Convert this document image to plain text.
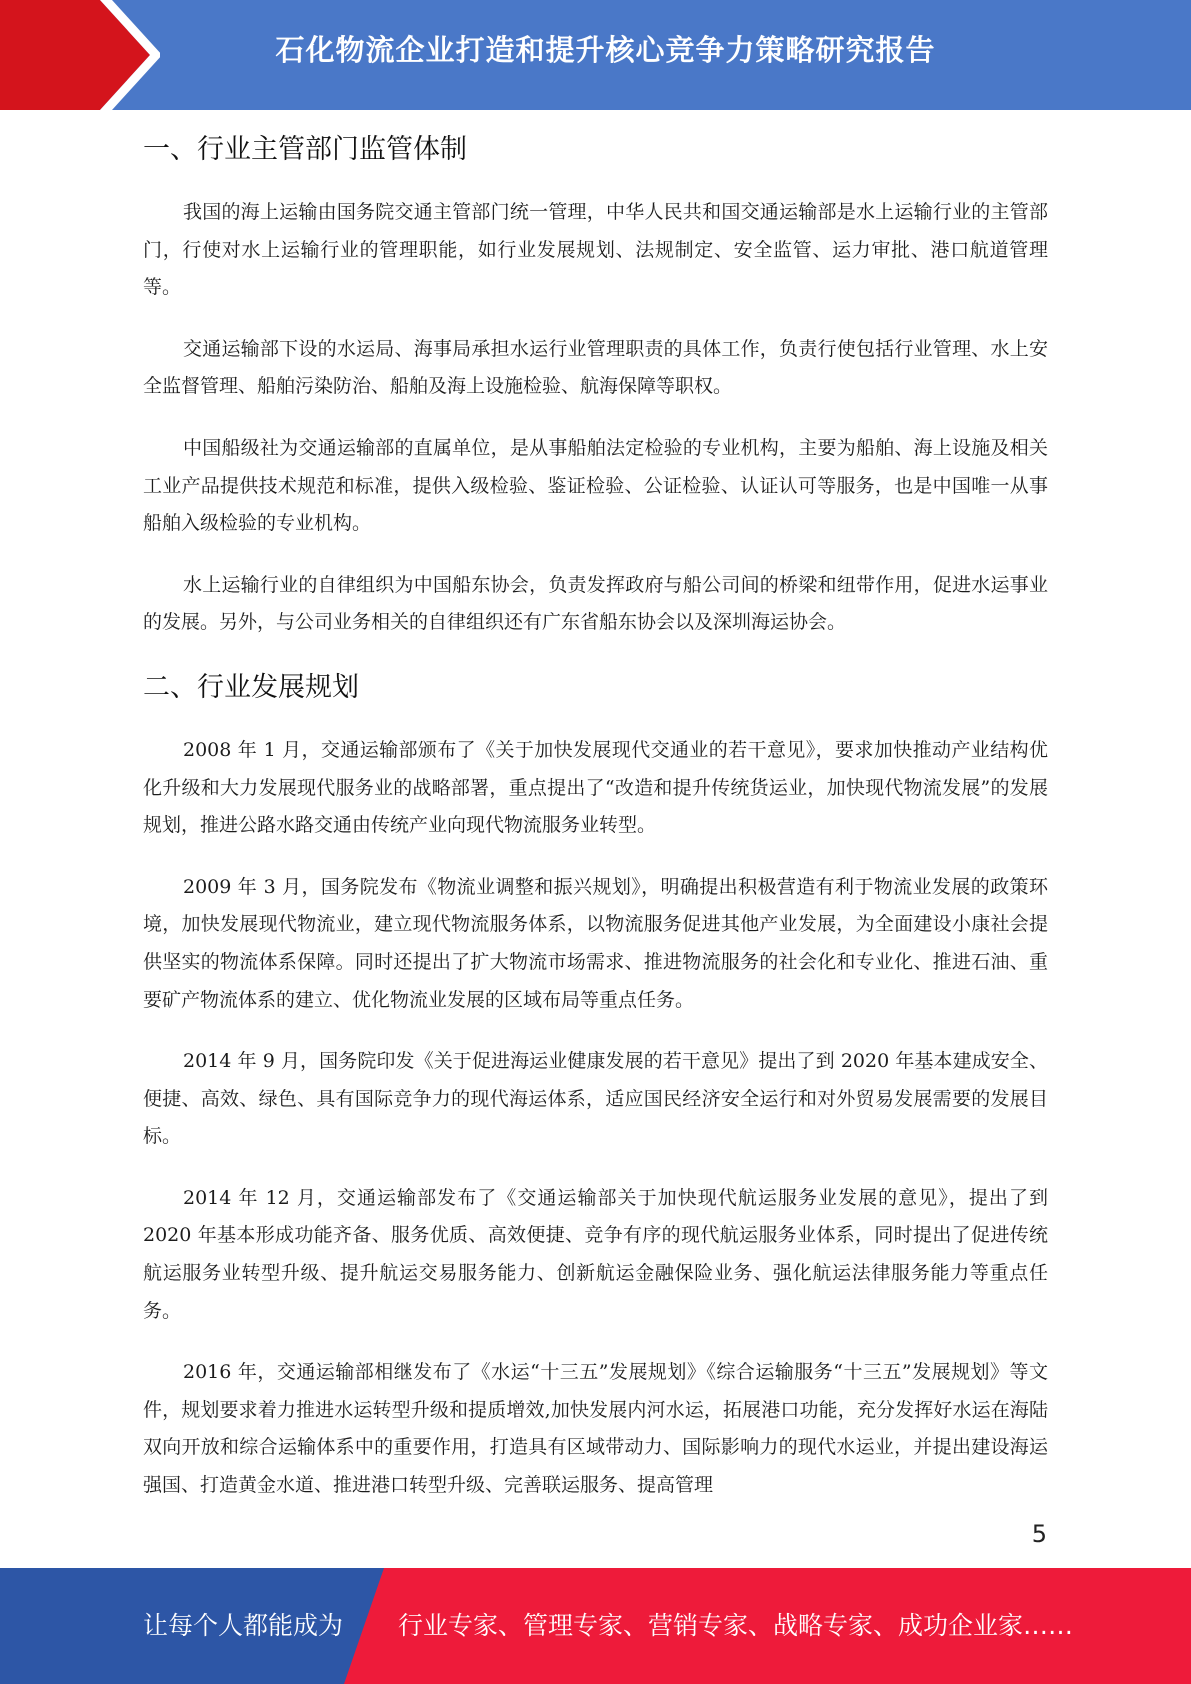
石化物流企业打造和提升核心竞争力策略研究报告
一、行业主管部门监管体制

我国的海上运输由国务院交通主管部门统一管理，中华人民共和国交通运输部是水上运输行业的主管部门，行使对水上运输行业的管理职能，如行业发展规划、法规制定、安全监管、运力审批、港口航道管理等。

交通运输部下设的水运局、海事局承担水运行业管理职责的具体工作，负责行使包括行业管理、水上安全监督管理、船舶污染防治、船舶及海上设施检验、航海保障等职权。

中国船级社为交通运输部的直属单位，是从事船舶法定检验的专业机构，主要为船舶、海上设施及相关工业产品提供技术规范和标准，提供入级检验、鉴证检验、公证检验、认证认可等服务，也是中国唯一从事船舶入级检验的专业机构。

水上运输行业的自律组织为中国船东协会，负责发挥政府与船公司间的桥梁和纽带作用，促进水运事业的发展。另外，与公司业务相关的自律组织还有广东省船东协会以及深圳海运协会。

二、行业发展规划

2008 年 1 月，交通运输部颁布了《关于加快发展现代交通业的若干意见》，要求加快推动产业结构优化升级和大力发展现代服务业的战略部署，重点提出了“改造和提升传统货运业，加快现代物流发展”的发展规划，推进公路水路交通由传统产业向现代物流服务业转型。

2009 年 3 月，国务院发布《物流业调整和振兴规划》，明确提出积极营造有利于物流业发展的政策环境，加快发展现代物流业，建立现代物流服务体系，以物流服务促进其他产业发展，为全面建设小康社会提供坚实的物流体系保障。同时还提出了扩大物流市场需求、推进物流服务的社会化和专业化、推进石油、重要矿产物流体系的建立、优化物流业发展的区域布局等重点任务。

2014 年 9 月，国务院印发《关于促进海运业健康发展的若干意见》提出了到 2020 年基本建成安全、便捷、高效、绿色、具有国际竞争力的现代海运体系，适应国民经济安全运行和对外贸易发展需要的发展目标。

2014 年 12 月，交通运输部发布了《交通运输部关于加快现代航运服务业发展的意见》，提出了到 2020 年基本形成功能齐备、服务优质、高效便捷、竞争有序的现代航运服务业体系，同时提出了促进传统航运服务业转型升级、提升航运交易服务能力、创新航运金融保险业务、强化航运法律服务能力等重点任务。

2016 年，交通运输部相继发布了《水运“十三五”发展规划》《综合运输服务“十三五”发展规划》等文件，规划要求着力推进水运转型升级和提质增效,加快发展内河水运，拓展港口功能，充分发挥好水运在海陆双向开放和综合运输体系中的重要作用，打造具有区域带动力、国际影响力的现代水运业，并提出建设海运强国、打造黄金水道、推进港口转型升级、完善联运服务、提高管理

5
让每个人都能成为 行业专家、管理专家、营销专家、战略专家、成功企业家……
